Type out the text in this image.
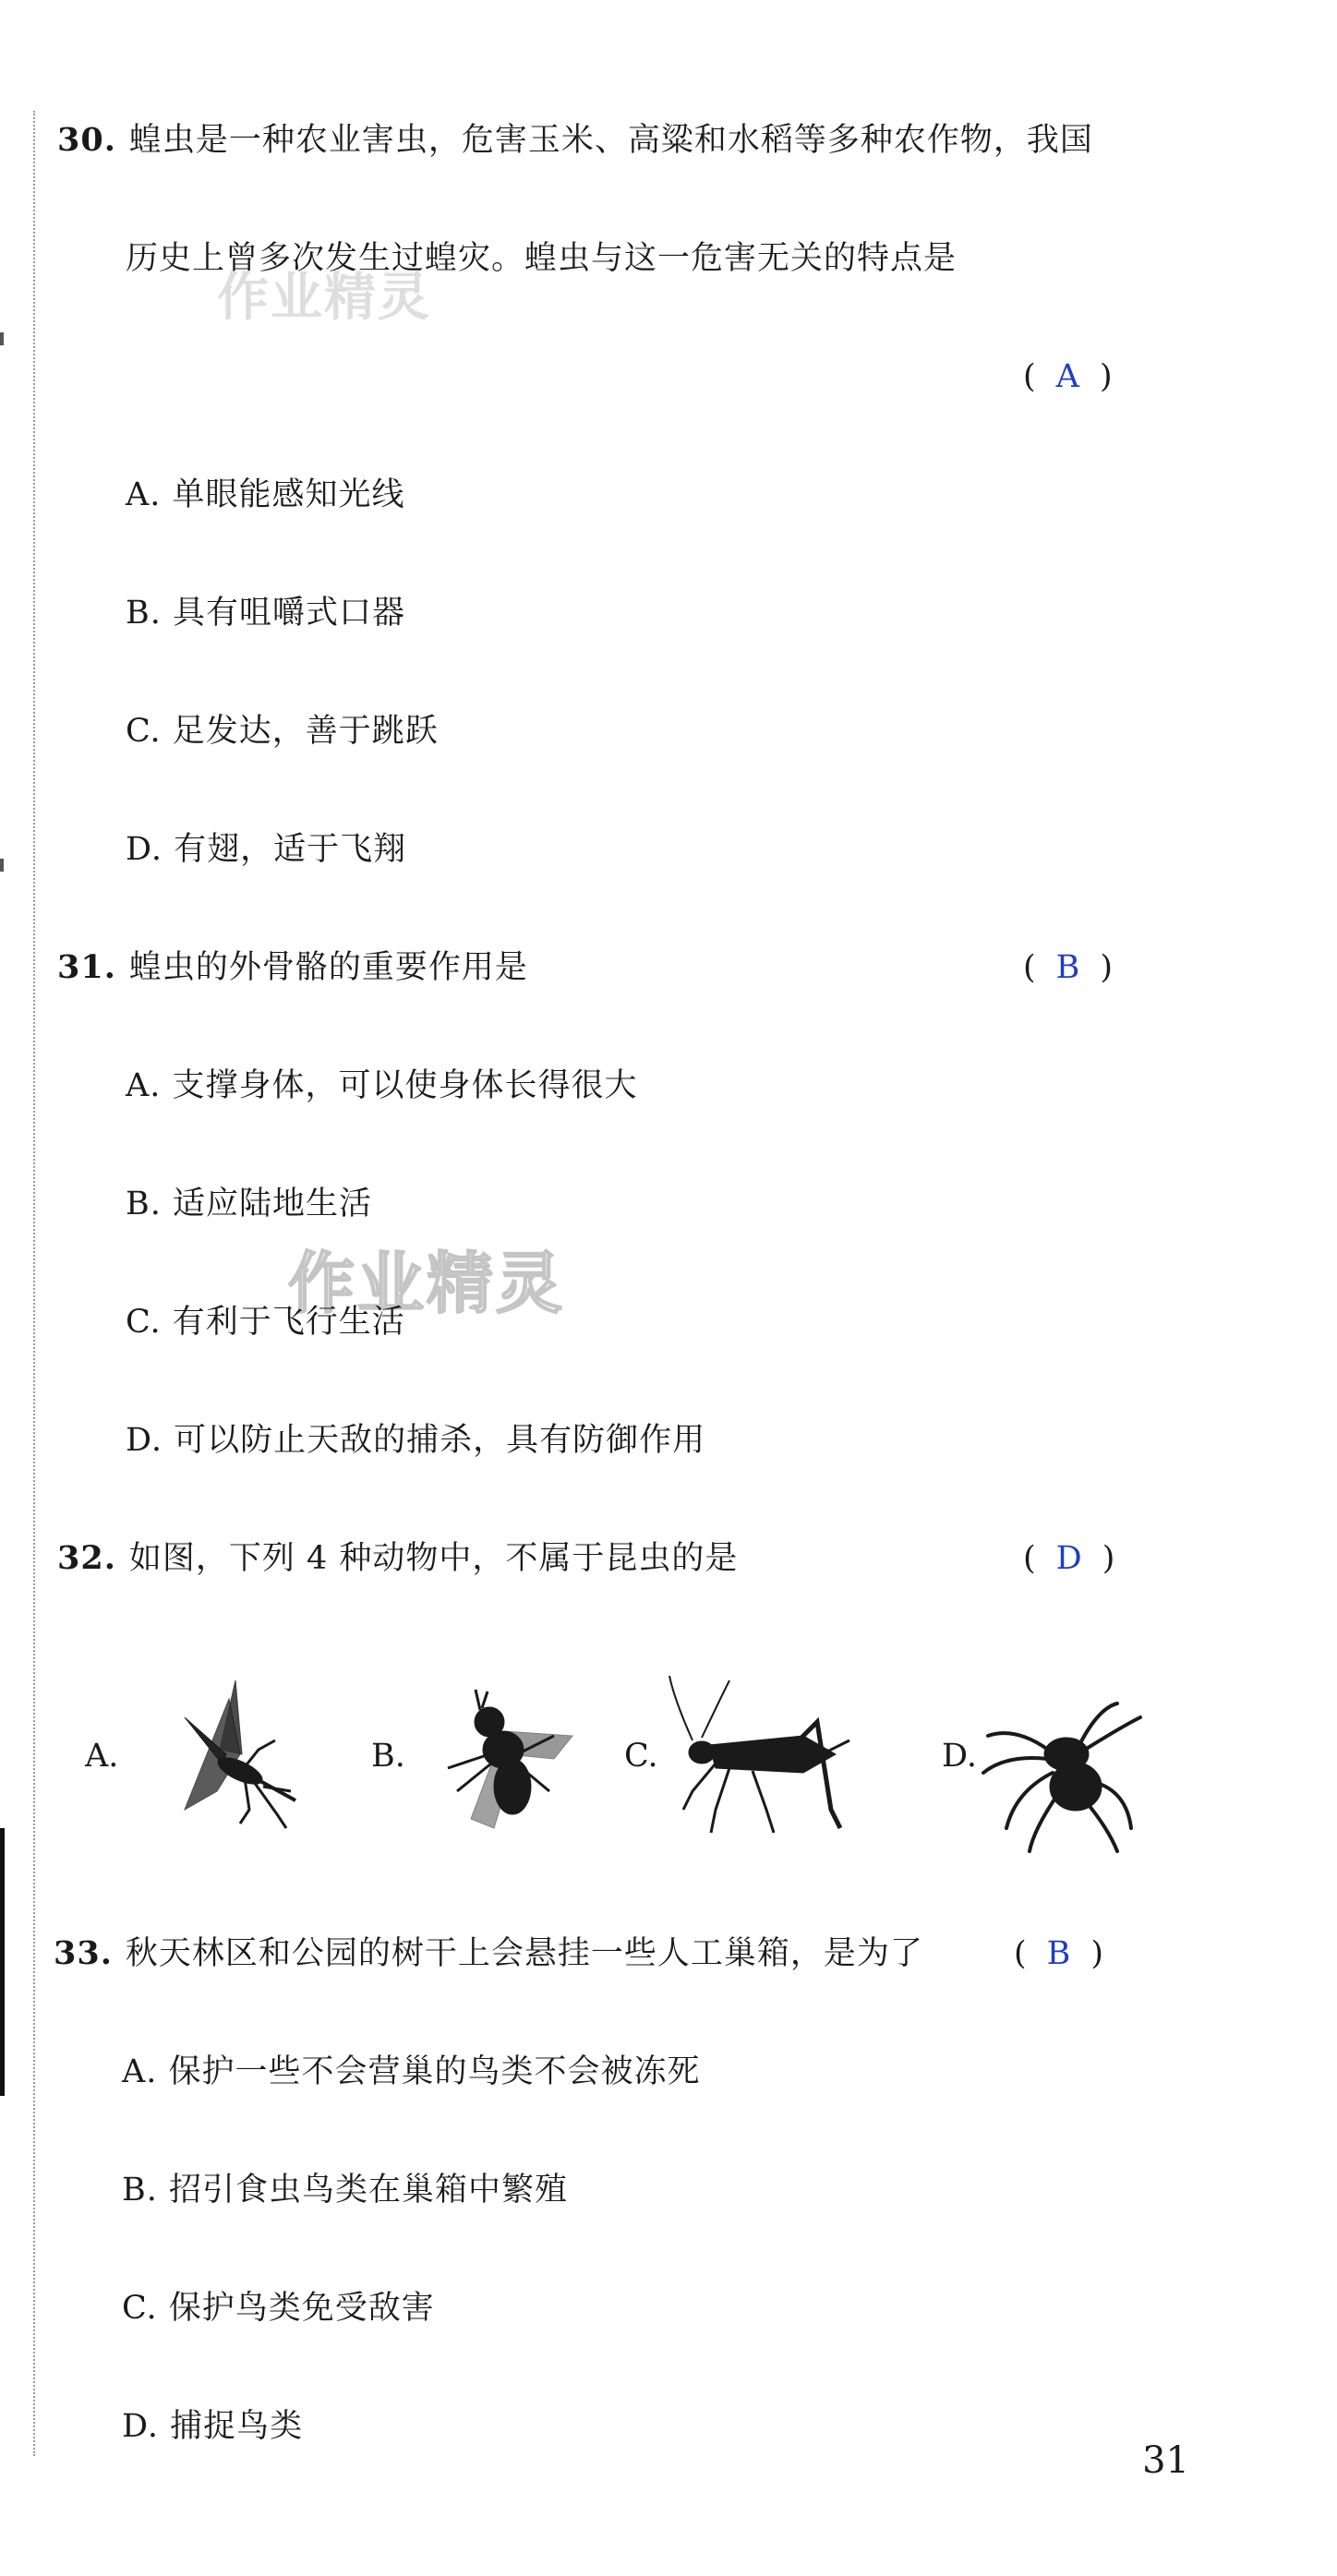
作业精灵
作业精灵
30. 蝗虫是一种农业害虫，危害玉米、高粱和水稻等多种农作物，我国
历史上曾多次发生过蝗灾。蝗虫与这一危害无关的特点是
( A )
A. 单眼能感知光线
B. 具有咀嚼式口器
C. 足发达，善于跳跃
D. 有翅，适于飞翔
31. 蝗虫的外骨骼的重要作用是	( B )
A. 支撑身体，可以使身体长得很大
B. 适应陆地生活
C. 有利于飞行生活
D. 可以防止天敌的捕杀，具有防御作用
32. 如图，下列 4 种动物中，不属于昆虫的是	( D )
A.	B.	C.	D.
33. 秋天林区和公园的树干上会悬挂一些人工巢箱，是为了	( B )
A. 保护一些不会营巢的鸟类不会被冻死
B. 招引食虫鸟类在巢箱中繁殖
C. 保护鸟类免受敌害
D. 捕捉鸟类
31
